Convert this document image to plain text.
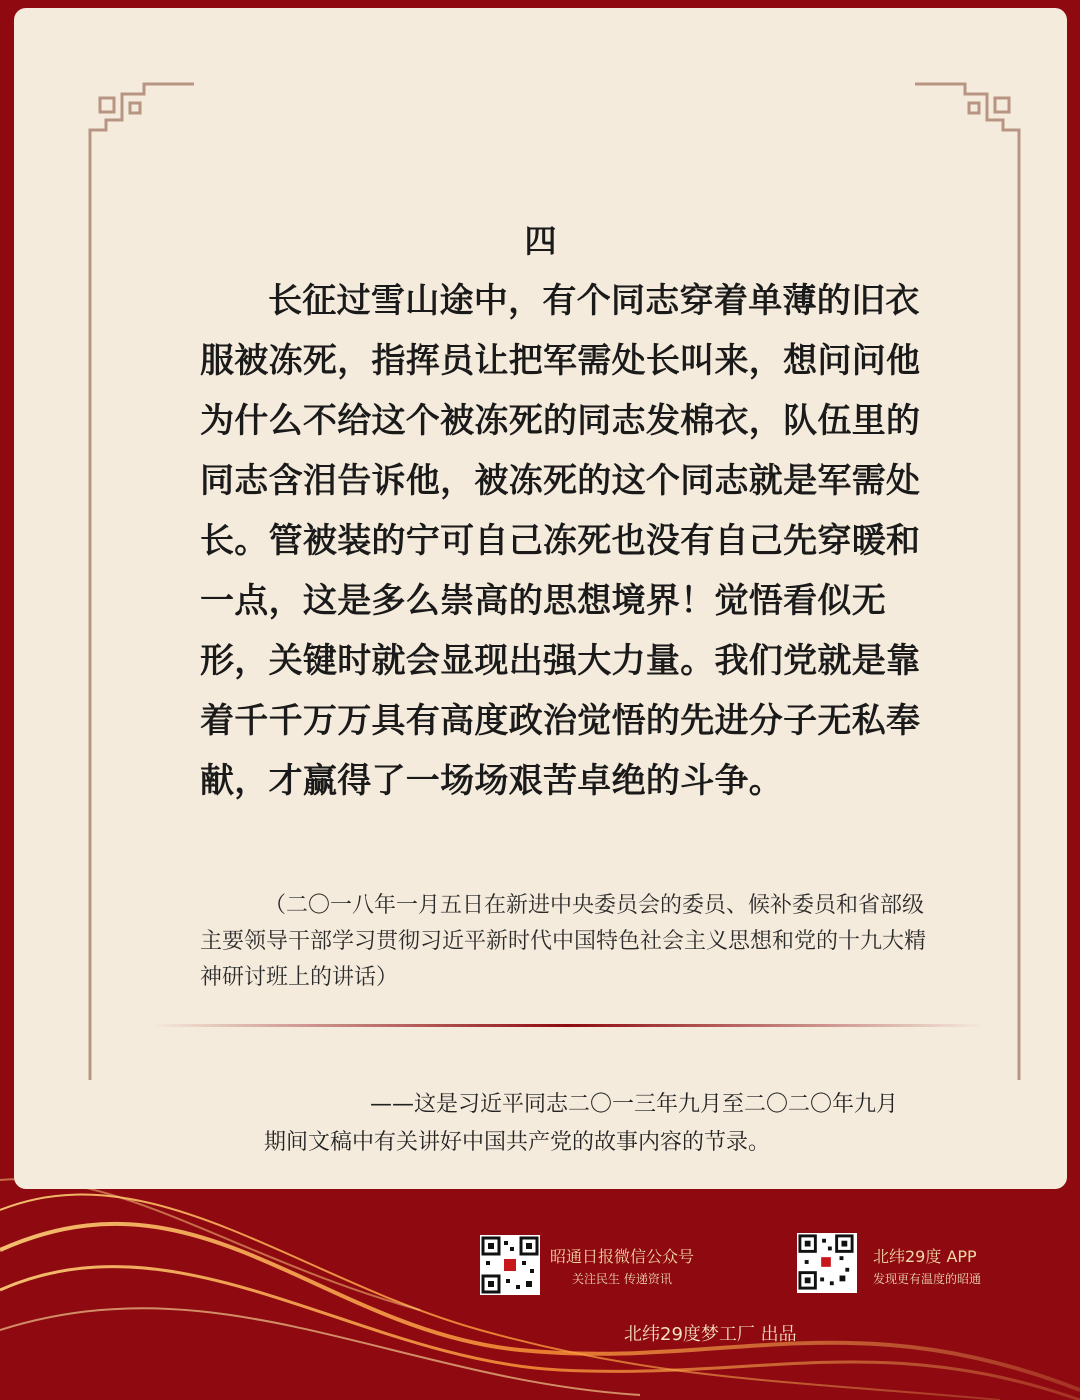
四

长征过雪山途中，有个同志穿着单薄的旧衣服被冻死，指挥员让把军需处长叫来，想问问他为什么不给这个被冻死的同志发棉衣，队伍里的同志含泪告诉他，被冻死的这个同志就是军需处长。管被装的宁可自己冻死也没有自己先穿暖和一点，这是多么崇高的思想境界！觉悟看似无形，关键时就会显现出强大力量。我们党就是靠着千千万万具有高度政治觉悟的先进分子无私奉献，才赢得了一场场艰苦卓绝的斗争。

（二〇一八年一月五日在新进中央委员会的委员、候补委员和省部级主要领导干部学习贯彻习近平新时代中国特色社会主义思想和党的十九大精神研讨班上的讲话）

——这是习近平同志二〇一三年九月至二〇二〇年九月
期间文稿中有关讲好中国共产党的故事内容的节录。

昭通日报微信公众号
关注民生 传递资讯
北纬29度 APP
发现更有温度的昭通
北纬29度梦工厂 出品
